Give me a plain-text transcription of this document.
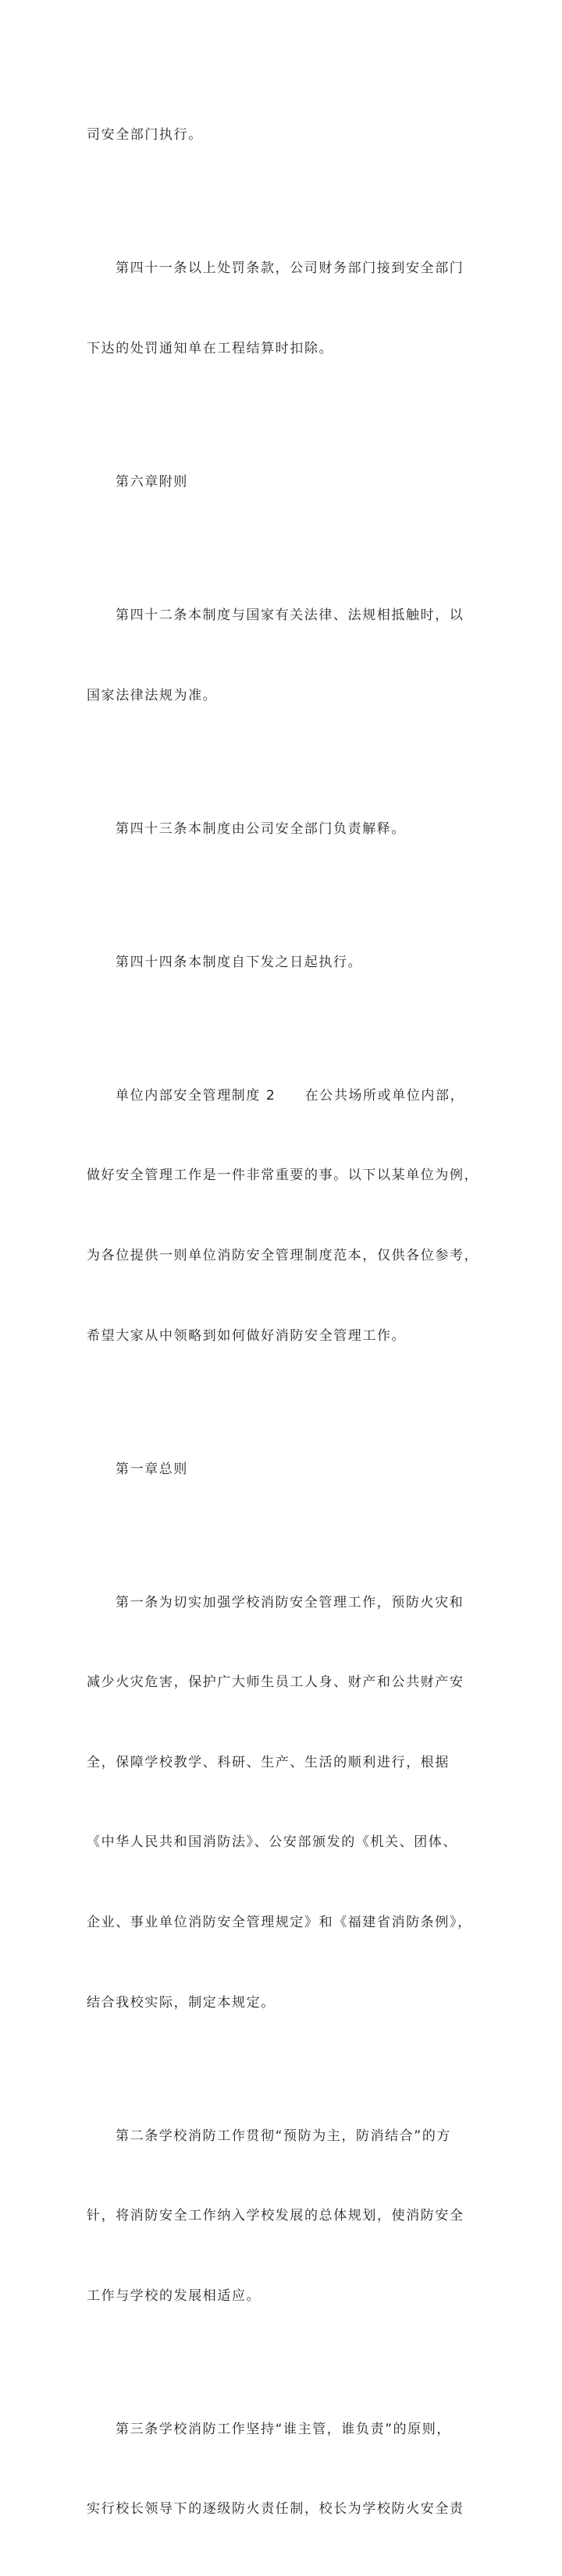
司安全部门执行。

第四十一条以上处罚条款，公司财务部门接到安全部门

下达的处罚通知单在工程结算时扣除。

第六章附则

第四十二条本制度与国家有关法律、法规相抵触时，以

国家法律法规为准。

第四十三条本制度由公司安全部门负责解释。

第四十四条本制度自下发之日起执行。

单位内部安全管理制度 2　　在公共场所或单位内部，

做好安全管理工作是一件非常重要的事。以下以某单位为例，

为各位提供一则单位消防安全管理制度范本，仅供各位参考，

希望大家从中领略到如何做好消防安全管理工作。

第一章总则

第一条为切实加强学校消防安全管理工作，预防火灾和

减少火灾危害，保护广大师生员工人身、财产和公共财产安

全，保障学校教学、科研、生产、生活的顺利进行，根据

《中华人民共和国消防法》、公安部颁发的《机关、团体、

企业、事业单位消防安全管理规定》和《福建省消防条例》，

结合我校实际，制定本规定。

第二条学校消防工作贯彻“预防为主，防消结合”的方

针，将消防安全工作纳入学校发展的总体规划，使消防安全

工作与学校的发展相适应。

第三条学校消防工作坚持“谁主管，谁负责”的原则，

实行校长领导下的逐级防火责任制，校长为学校防火安全责
